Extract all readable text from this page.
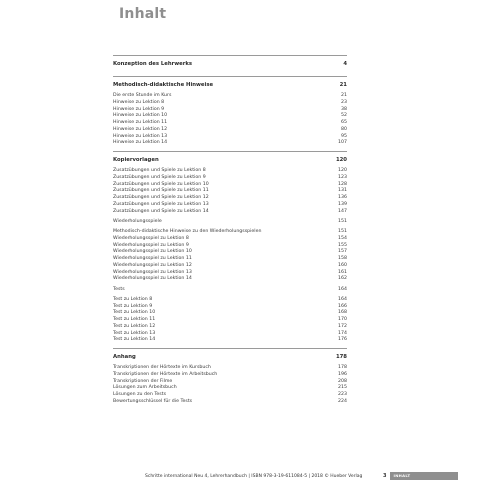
Inhalt
Konzeption des Lehrwerks	4
Methodisch-didaktische Hinweise	21
Die erste Stunde im Kurs	21
Hinweise zu Lektion 8	23
Hinweise zu Lektion 9	38
Hinweise zu Lektion 10	52
Hinweise zu Lektion 11	65
Hinweise zu Lektion 12	80
Hinweise zu Lektion 13	95
Hinweise zu Lektion 14	107
Kopiervorlagen	120
Zusatzübungen und Spiele zu Lektion 8	120
Zusatzübungen und Spiele zu Lektion 9	123
Zusatzübungen und Spiele zu Lektion 10	128
Zusatzübungen und Spiele zu Lektion 11	131
Zusatzübungen und Spiele zu Lektion 12	136
Zusatzübungen und Spiele zu Lektion 13	139
Zusatzübungen und Spiele zu Lektion 14	147
Wiederholungsspiele	151
Methodisch-didaktische Hinweise zu den Wiederholungsspielen	151
Wiederholungsspiel zu Lektion 8	154
Wiederholungsspiel zu Lektion 9	155
Wiederholungsspiel zu Lektion 10	157
Wiederholungsspiel zu Lektion 11	158
Wiederholungsspiel zu Lektion 12	160
Wiederholungsspiel zu Lektion 13	161
Wiederholungsspiel zu Lektion 14	162
Tests	164
Test zu Lektion 8	164
Test zu Lektion 9	166
Test zu Lektion 10	168
Test zu Lektion 11	170
Test zu Lektion 12	172
Test zu Lektion 13	174
Test zu Lektion 14	176
Anhang	178
Transkriptionen der Hörtexte im Kursbuch	178
Transkriptionen der Hörtexte im Arbeitsbuch	196
Transkriptionen der Filme	208
Lösungen zum Arbeitsbuch	215
Lösungen zu den Tests	223
Bewertungsschlüssel für die Tests	224
Schritte international Neu 4, Lehrerhandbuch | ISBN 978-3-19-611084-5 | 2018 © Hueber Verlag	3	INHALT
